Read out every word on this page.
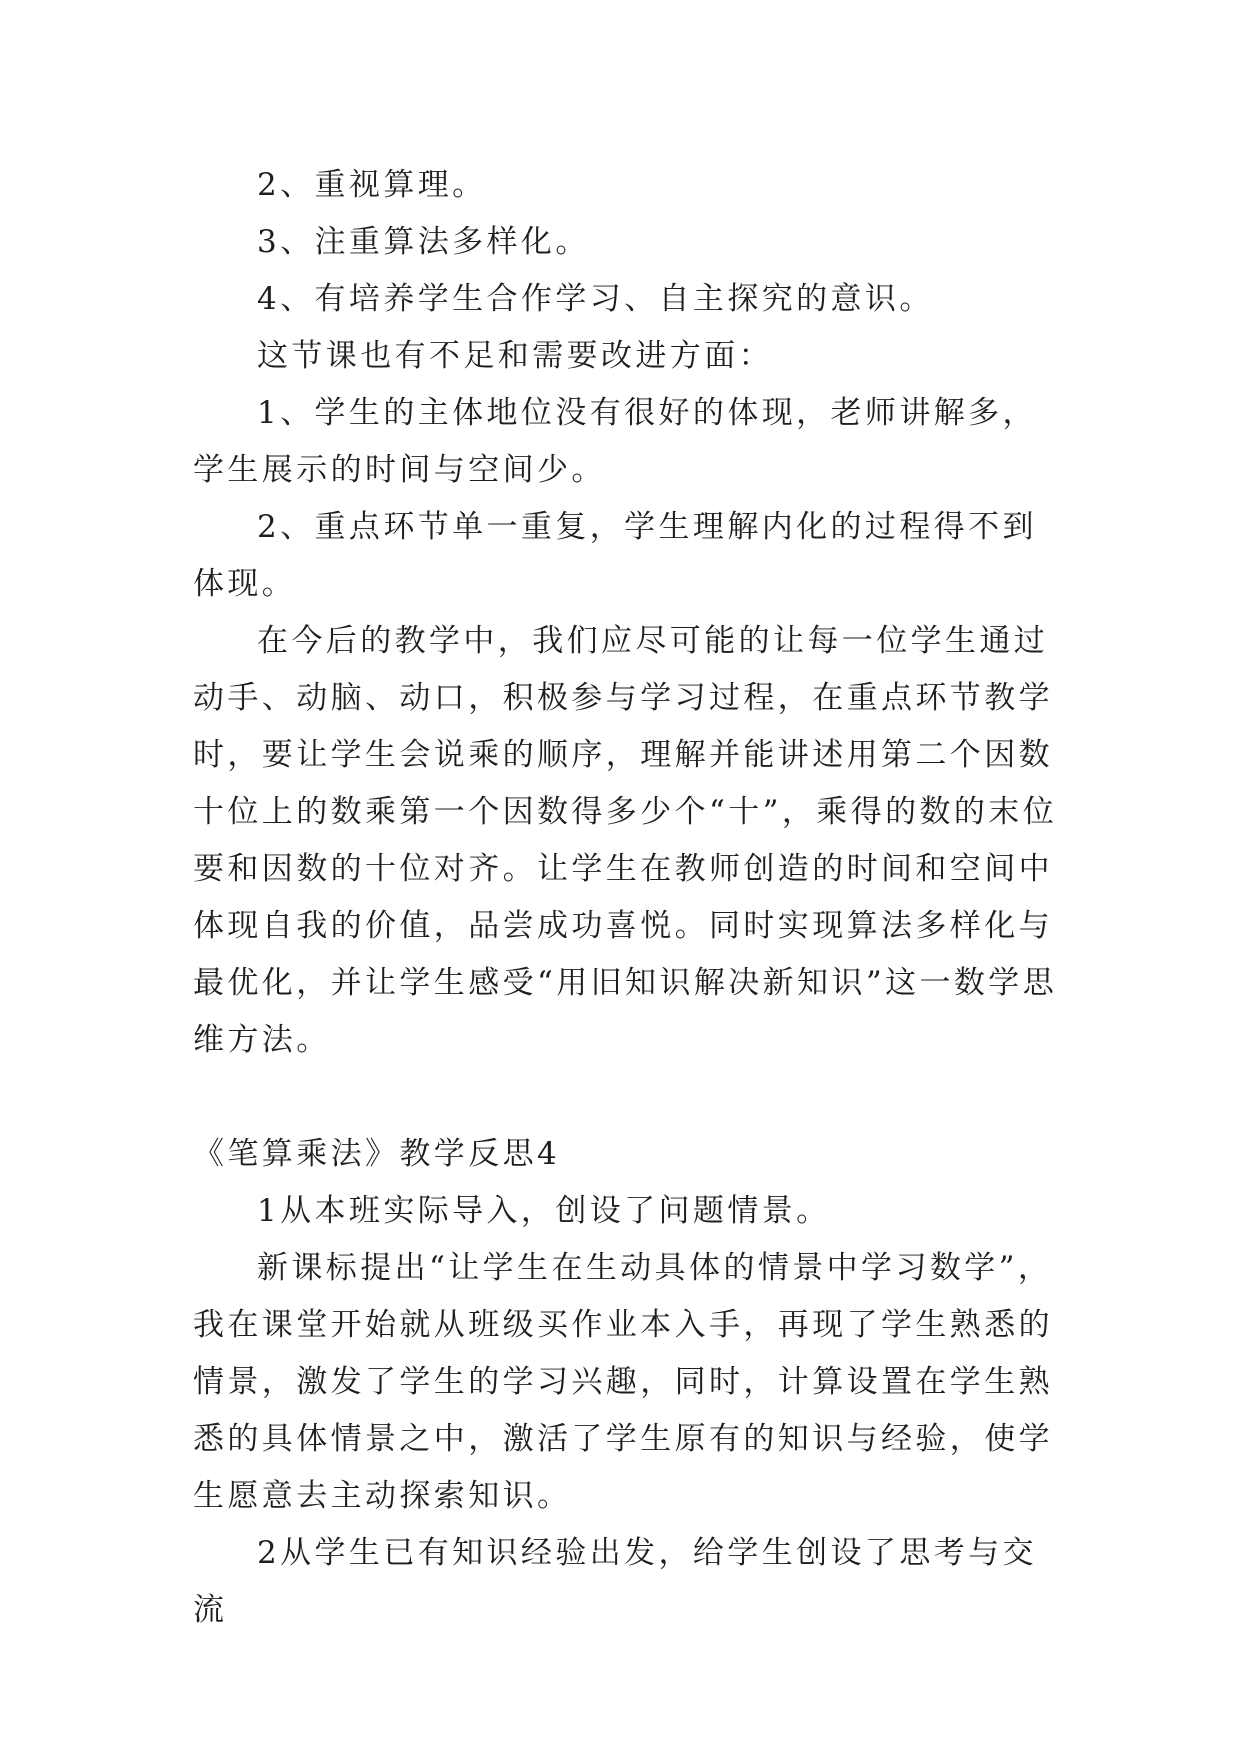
2、重视算理。

3、注重算法多样化。

4、有培养学生合作学习、自主探究的意识。

这节课也有不足和需要改进方面：

1、学生的主体地位没有很好的体现，老师讲解多，学生展示的时间与空间少。

2、重点环节单一重复，学生理解内化的过程得不到体现。

在今后的教学中，我们应尽可能的让每一位学生通过动手、动脑、动口，积极参与学习过程，在重点环节教学时，要让学生会说乘的顺序，理解并能讲述用第二个因数十位上的数乘第一个因数得多少个“十”，乘得的数的末位要和因数的十位对齐。让学生在教师创造的时间和空间中体现自我的价值，品尝成功喜悦。同时实现算法多样化与最优化，并让学生感受“用旧知识解决新知识”这一数学思维方法。

《笔算乘法》教学反思4

1从本班实际导入，创设了问题情景。

新课标提出“让学生在生动具体的情景中学习数学”，我在课堂开始就从班级买作业本入手，再现了学生熟悉的情景，激发了学生的学习兴趣，同时，计算设置在学生熟悉的具体情景之中，激活了学生原有的知识与经验，使学生愿意去主动探索知识。

2从学生已有知识经验出发，给学生创设了思考与交流
